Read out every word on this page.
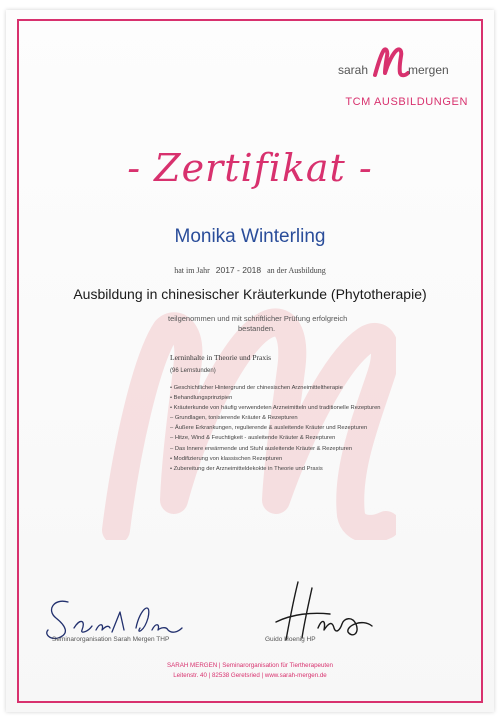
sarah	mergen
TCM AUSBILDUNGEN
- Zertifikat -
Monika Winterling
hat im Jahr 2017 - 2018 an der Ausbildung
Ausbildung in chinesischer Kräuterkunde (Phytotherapie)
teilgenommen und mit schriftlicher Prüfung erfolgreich
bestanden.
Lerninhalte in Theorie und Praxis
(96 Lernstunden)
• Geschichtlicher Hintergrund der chinesischen Arzneimitteltherapie
• Behandlungsprinzipien
• Kräuterkunde von häufig verwendeten Arzneimitteln und traditionelle Rezepturen
– Grundlagen, tonisierende Kräuter & Rezepturen
– Äußere Erkrankungen, regulierende & ausleitende Kräuter und Rezepturen
– Hitze, Wind & Feuchtigkeit - ausleitende Kräuter & Rezepturen
– Das Innere erwärmende und Stuhl ausleitende Kräuter & Rezepturen
• Modifizierung von klassischen Rezepturen
• Zubereitung der Arzneimitteldekokte in Theorie und Praxis
Seminarorganisation Sarah Mergen THP	Guido Hoenig HP
SARAH MERGEN | Seminarorganisation für Tiertherapeuten
Leitenstr. 40 | 82538 Geretsried | www.sarah-mergen.de
